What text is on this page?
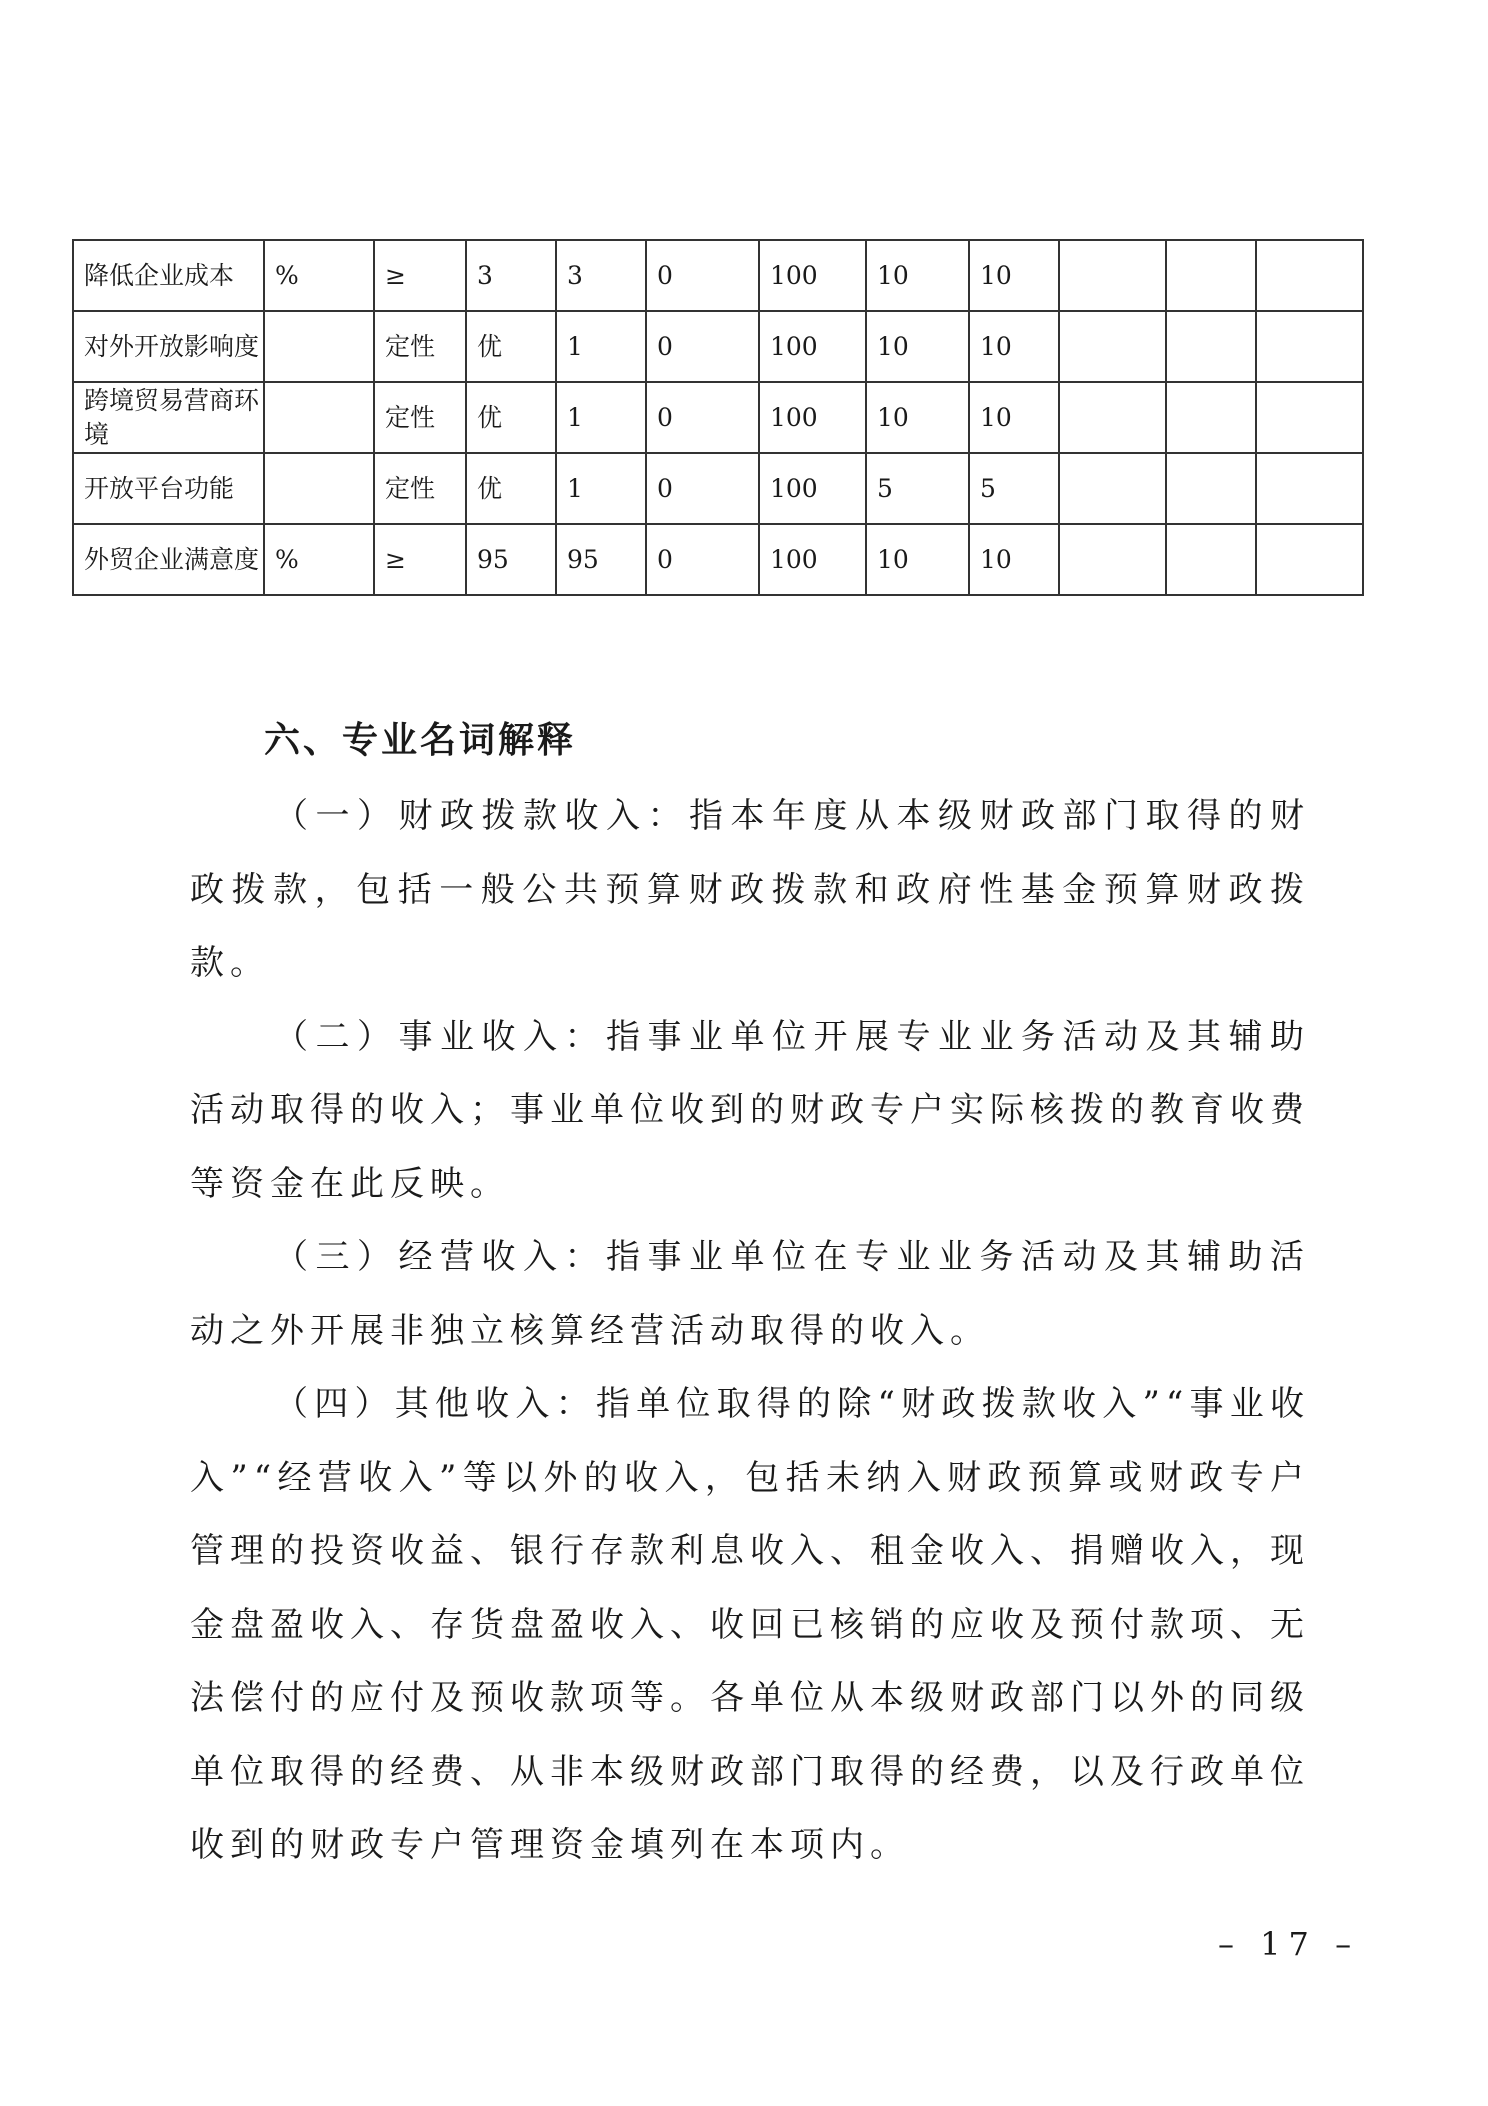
降低企业成本	%	≥	3	3	0	100	10	10			
对外开放影响度		定性	优	1	0	100	10	10			
跨境贸易营商环境		定性	优	1	0	100	10	10			
开放平台功能		定性	优	1	0	100	5	5			
外贸企业满意度	%	≥	95	95	0	100	10	10			
六、专业名词解释

（一）财政拨款收入：指本年度从本级财政部门取得的财政拨款，包括一般公共预算财政拨款和政府性基金预算财政拨款。

（二）事业收入：指事业单位开展专业业务活动及其辅助活动取得的收入；事业单位收到的财政专户实际核拨的教育收费等资金在此反映。

（三）经营收入：指事业单位在专业业务活动及其辅助活动之外开展非独立核算经营活动取得的收入。

（四）其他收入：指单位取得的除“财政拨款收入”“事业收入”“经营收入”等以外的收入，包括未纳入财政预算或财政专户管理的投资收益、银行存款利息收入、租金收入、捐赠收入，现金盘盈收入、存货盘盈收入、收回已核销的应收及预付款项、无法偿付的应付及预收款项等。各单位从本级财政部门以外的同级单位取得的经费、从非本级财政部门取得的经费，以及行政单位收到的财政专户管理资金填列在本项内。

– 17 –
